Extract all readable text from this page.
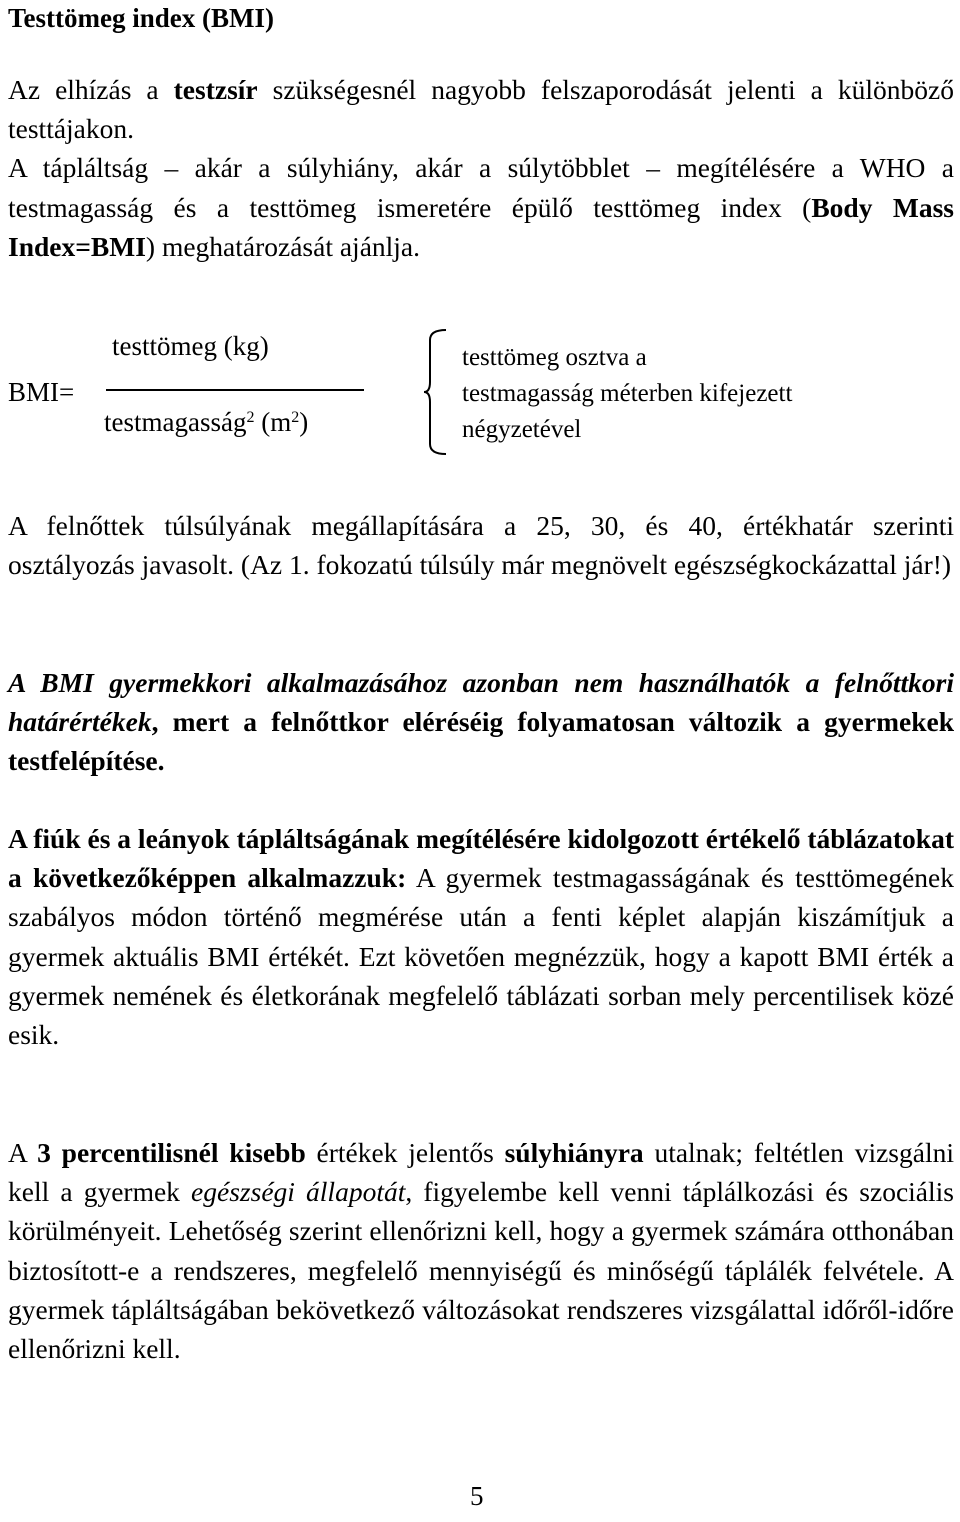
Testtömeg index (BMI)

Az elhízás a testzsír szükségesnél nagyobb felszaporodását jelenti a különböző testtájakon.
A tápláltság – akár a súlyhiány, akár a súlytöbblet – megítélésére a WHO a testmagasság és a testtömeg ismeretére épülő testtömeg index (Body Mass Index=BMI) meghatározását ajánlja.

BMI=
testtömeg (kg)
testmagasság$^2$ $(m^2)$
testtömeg osztva a
testmagasság méterben kifejezett
négyzetével

A felnőttek túlsúlyának megállapítására a 25, 30, és 40, értékhatár szerinti osztályozás javasolt. (Az 1. fokozatú túlsúly már megnövelt egészségkockázattal jár!)

A BMI gyermekkori alkalmazásához azonban nem használhatók a felnőttkori határértékek, mert a felnőttkor eléréséig folyamatosan változik a gyermekek testfelépítése.

A fiúk és a leányok tápláltságának megítélésére kidolgozott értékelő táblázatokat a következőképpen alkalmazzuk: A gyermek testmagasságának és testtömegének szabályos módon történő megmérése után a fenti képlet alapján kiszámítjuk a gyermek aktuális BMI értékét. Ezt követően megnézzük, hogy a kapott BMI érték a gyermek nemének és életkorának megfelelő táblázati sorban mely percentilisek közé esik.

A 3 percentilisnél kisebb értékek jelentős súlyhiányra utalnak; feltétlen vizsgálni kell a gyermek egészségi állapotát, figyelembe kell venni táplálkozási és szociális körülményeit. Lehetőség szerint ellenőrizni kell, hogy a gyermek számára otthonában biztosított-e a rendszeres, megfelelő mennyiségű és minőségű táplálék felvétele. A gyermek tápláltságában bekövetkező változásokat rendszeres vizsgálattal időről-időre ellenőrizni kell.

5
